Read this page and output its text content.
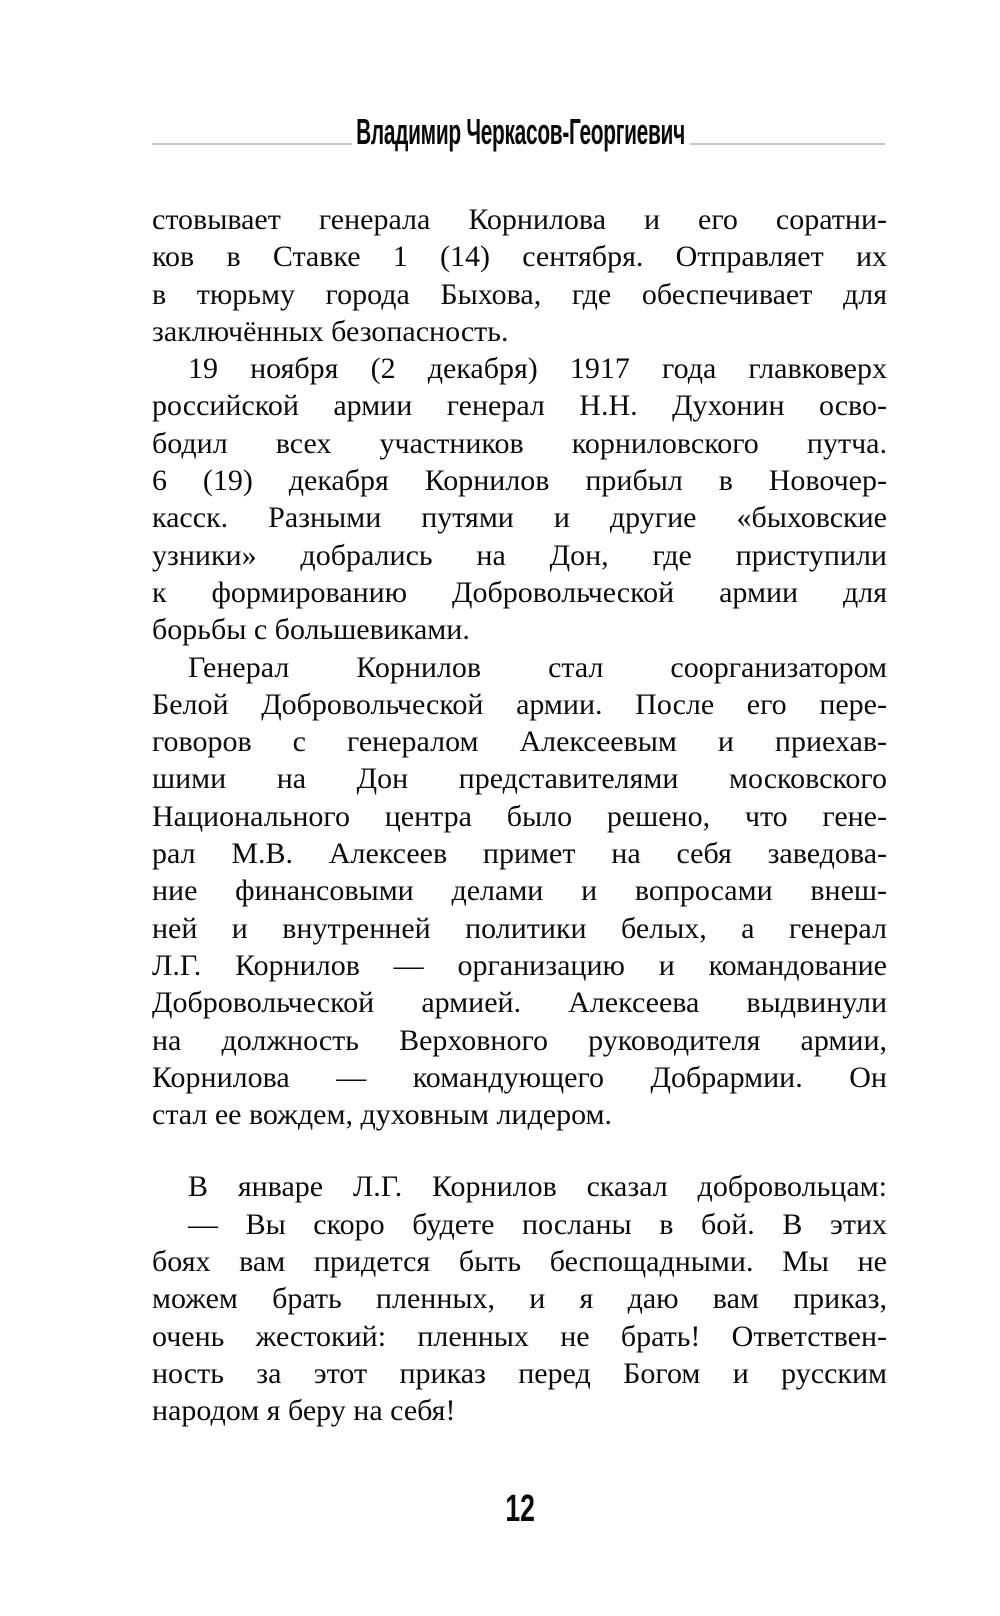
Владимир Черкасов-Георгиевич
стовывает генерала Корнилова и его соратни-
ков в Ставке 1 (14) сентября. Отправляет их
в тюрьму города Быхова, где обеспечивает для
заключённых безопасность.
19 ноября (2 декабря) 1917 года главковерх
российской армии генерал Н.Н. Духонин осво-
бодил всех участников корниловского путча.
6 (19) декабря Корнилов прибыл в Новочер-
касск. Разными путями и другие «быховские
узники» добрались на Дон, где приступили
к формированию Добровольческой армии для
борьбы с большевиками.
Генерал Корнилов стал соорганизатором
Белой Добровольческой армии. После его пере-
говоров с генералом Алексеевым и приехав-
шими на Дон представителями московского
Национального центра было решено, что гене-
рал М.В. Алексеев примет на себя заведова-
ние финансовыми делами и вопросами внеш-
ней и внутренней политики белых, а генерал
Л.Г. Корнилов — организацию и командование
Добровольческой армией. Алексеева выдвинули
на должность Верховного руководителя армии,
Корнилова — командующего Добрармии. Он
стал ее вождем, духовным лидером.
В январе Л.Г. Корнилов сказал добровольцам:
— Вы скоро будете посланы в бой. В этих
боях вам придется быть беспощадными. Мы не
можем брать пленных, и я даю вам приказ,
очень жестокий: пленных не брать! Ответствен-
ность за этот приказ перед Богом и русским
народом я беру на себя!
12
